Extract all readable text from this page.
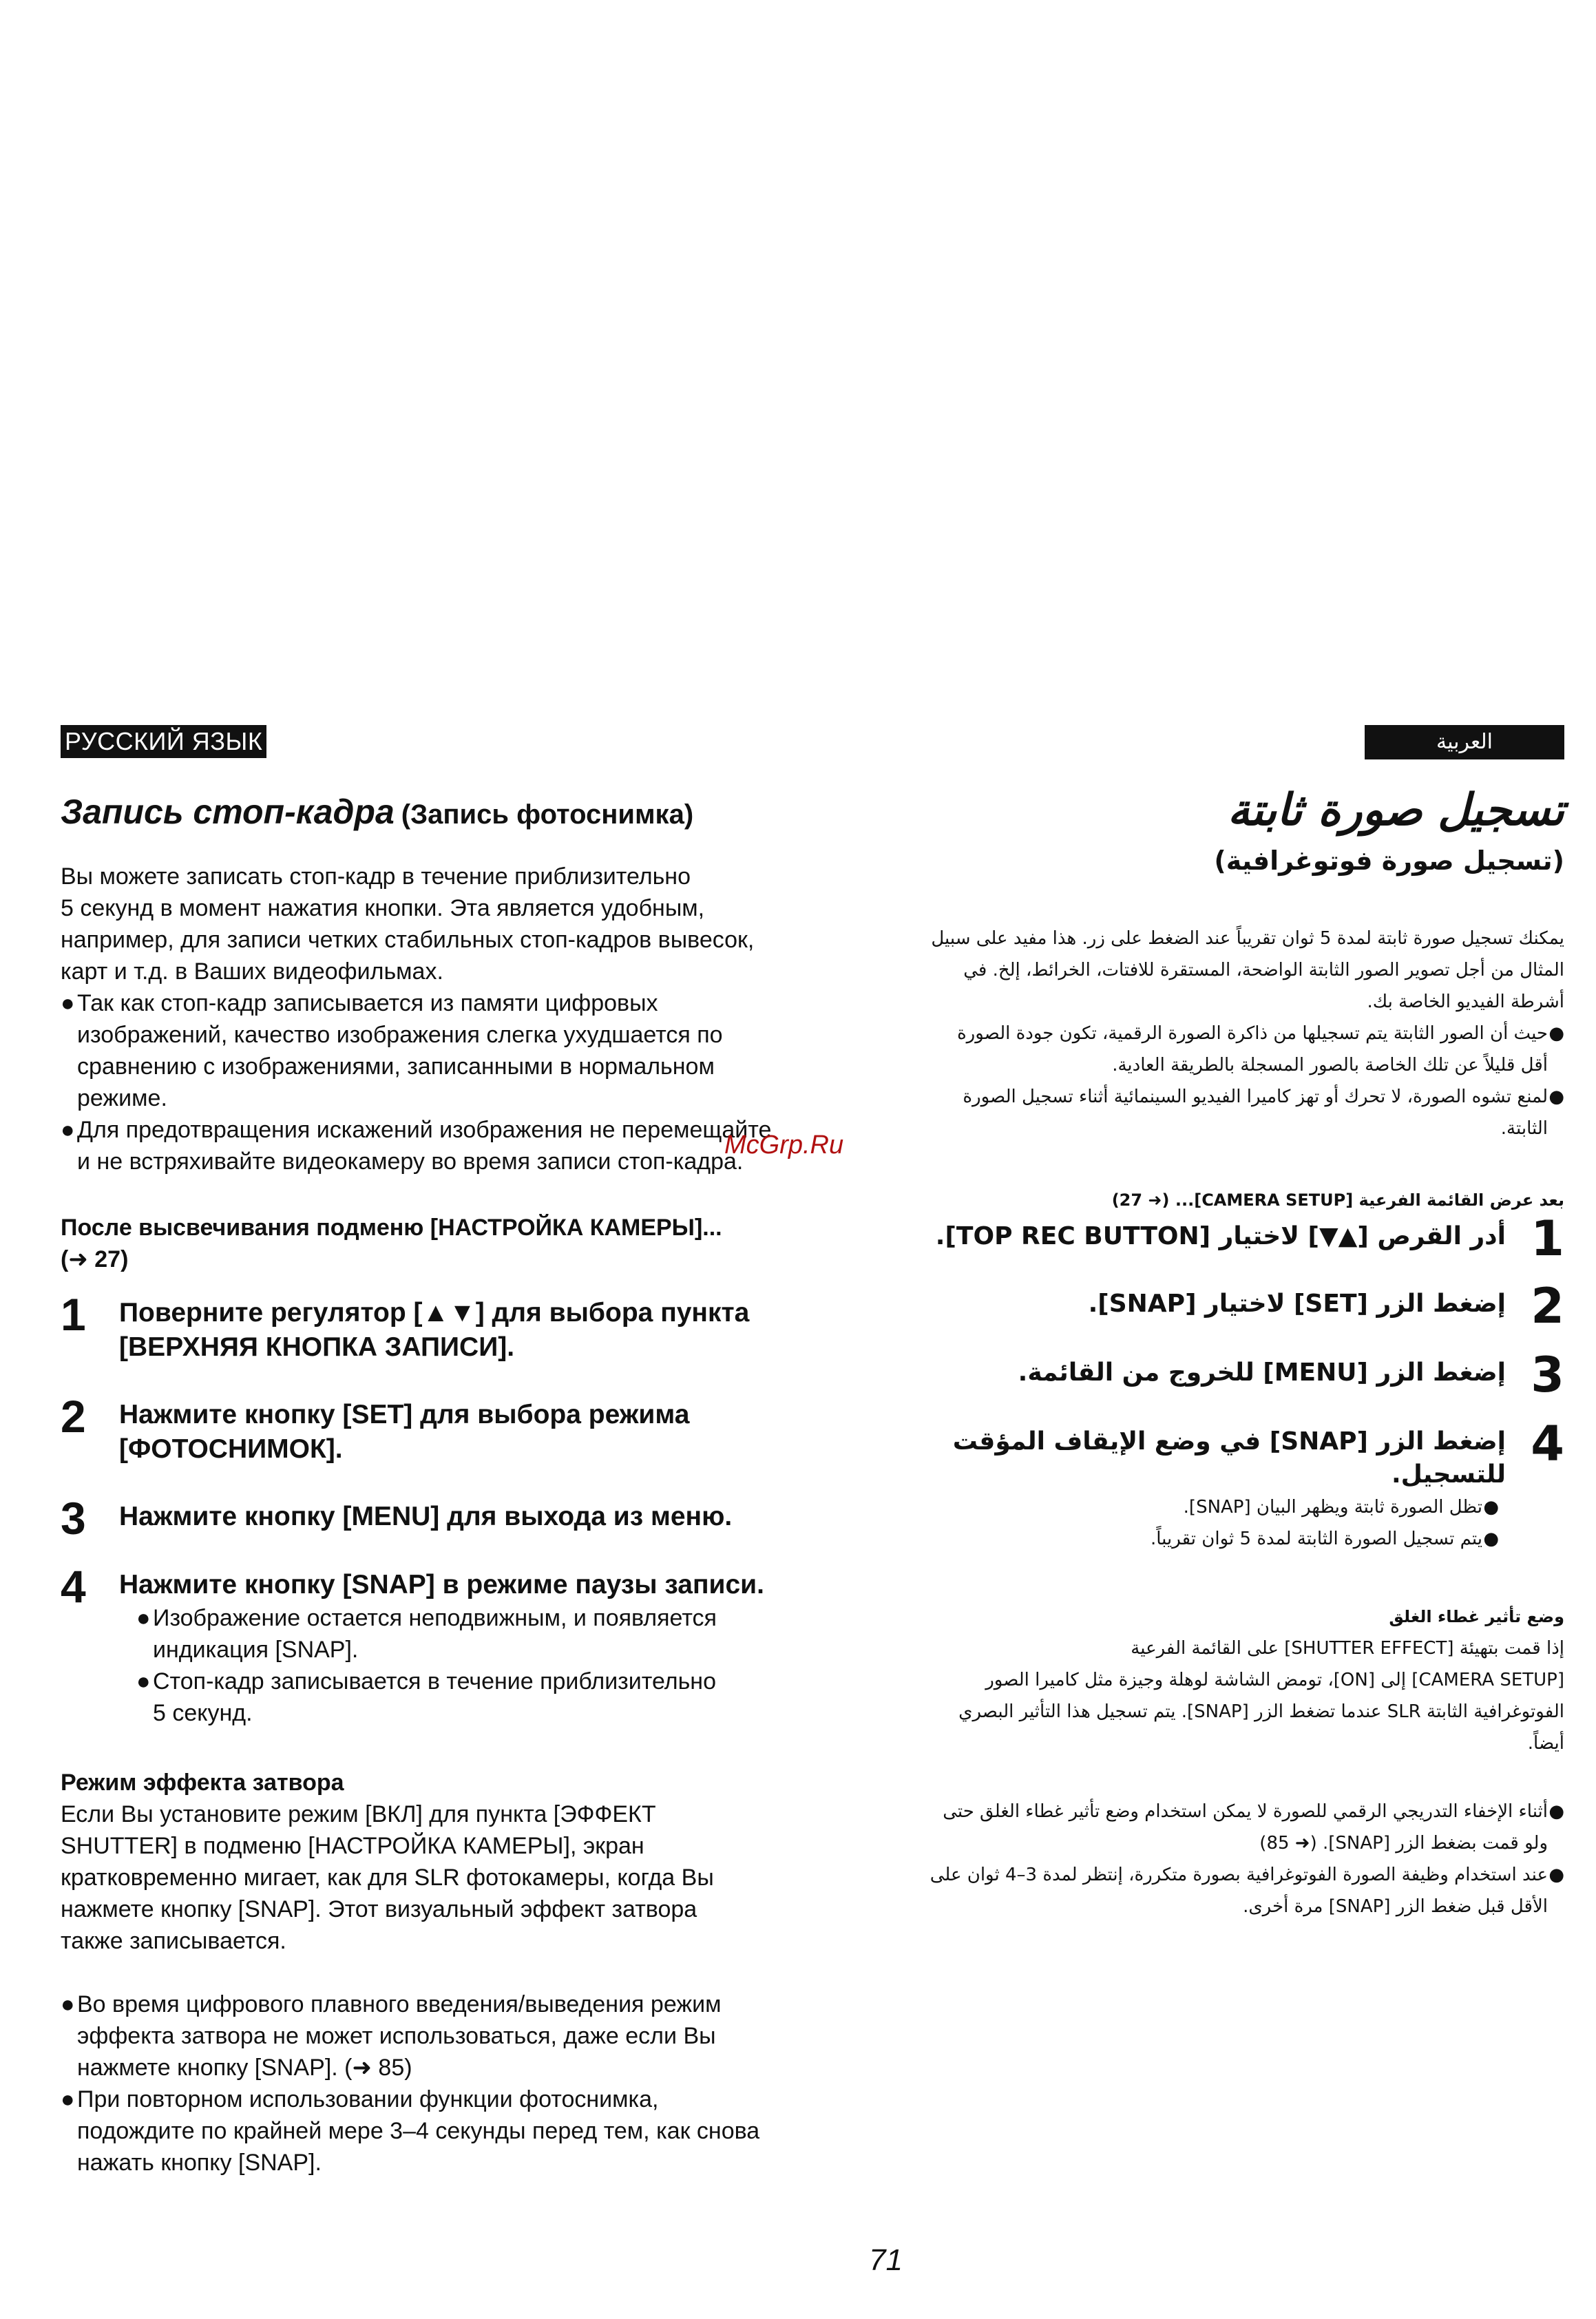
РУССКИЙ ЯЗЫК
Запись стоп-кадра (Запись фотоснимка)

Вы можете записать стоп-кадр в течение приблизительно

5 секунд в момент нажатия кнопки. Эта является удобным,

например, для записи четких стабильных стоп-кадров вывесок,

карт и т.д. в Ваших видеофильмах.

● Так как стоп-кадр записывается из памяти цифровых

изображений, качество изображения слегка ухудшается по

сравнению с изображениями, записанными в нормальном

режиме.

● Для предотвращения искажений изображения не перемещайте

и не встряхивайте видеокамеру во время записи стоп-кадра.

После высвечивания подменю [НАСТРОЙКА КАМЕРЫ]...

(➜ 27)

1 Поверните регулятор [▲▼] для выбора пункта
[ВЕРХНЯЯ КНОПКА ЗАПИСИ].
2 Нажмите кнопку [SET] для выбора режима
[ФОТОСНИМОК].
3 Нажмите кнопку [MENU] для выхода из меню.
4 Нажмите кнопку [SNAP] в режиме паузы записи.
● Изображение остается неподвижным, и появляется
индикация [SNAP].
● Стоп-кадр записывается в течение приблизительно
5 секунд.

Режим эффекта затвора

Если Вы установите режим [ВКЛ] для пункта [ЭФФЕКТ

SHUTTER] в подменю [НАСТРОЙКА КАМЕРЫ], экран

кратковременно мигает, как для SLR фотокамеры, когда Вы

нажмете кнопку [SNAP]. Этот визуальный эффект затвора

также записывается.

● Во время цифрового плавного введения/выведения режим

эффекта затвора не может использоваться, даже если Вы

нажмете кнопку [SNAP]. (➜ 85)

● При повторном использовании функции фотоснимка,

подождите по крайней мере 3–4 секунды перед тем, как снова

нажать кнопку [SNAP].

McGrp.Ru
العربية
تسجيل صورة ثابتة
(تسجيل صورة فوتوغرافية)

يمكنك تسجيل صورة ثابتة لمدة 5 ثوان تقريباً عند الضغط على زر. هذا مفيد على سبيل

المثال من أجل تصوير الصور الثابتة الواضحة، المستقرة للافتات، الخرائط، إلخ. في

أشرطة الفيديو الخاصة بك.

●

حيث أن الصور الثابتة يتم تسجيلها من ذاكرة الصورة الرقمية، تكون جودة الصورة

أقل قليلاً عن تلك الخاصة بالصور المسجلة بالطريقة العادية.

●

لمنع تشوه الصورة، لا تحرك أو تهز كاميرا الفيديو السينمائية أثناء تسجيل الصورة

الثابتة.

بعد عرض القائمة الفرعية [CAMERA SETUP]... (➜ 27)
1
أدر القرص [▲▼] لاختيار [TOP REC BUTTON].
2
إضغط الزر [SET] لاختيار [SNAP].
3
إضغط الزر [MENU] للخروج من القائمة.
4
إضغط الزر [SNAP] في وضع الإيقاف المؤقت
للتسجيل.
●
تظل الصورة ثابتة ويظهر البيان [SNAP].
●
يتم تسجيل الصورة الثابتة لمدة 5 ثوان تقريباً.

وضع تأثير غطاء الغلق

إذا قمت بتهيئة [SHUTTER EFFECT] على القائمة الفرعية

[CAMERA SETUP] إلى [ON]، تومض الشاشة لوهلة وجيزة مثل كاميرا الصور

الفوتوغرافية الثابتة SLR عندما تضغط الزر [SNAP]. يتم تسجيل هذا التأثير البصري

أيضاً.

●

أثناء الإخفاء التدريجي الرقمي للصورة لا يمكن استخدام وضع تأثير غطاء الغلق حتى

ولو قمت بضغط الزر [SNAP]. (➜ 85)

●

عند استخدام وظيفة الصورة الفوتوغرافية بصورة متكررة، إنتظر لمدة 3–4 ثوان على

الأقل قبل ضغط الزر [SNAP] مرة أخرى.

71
